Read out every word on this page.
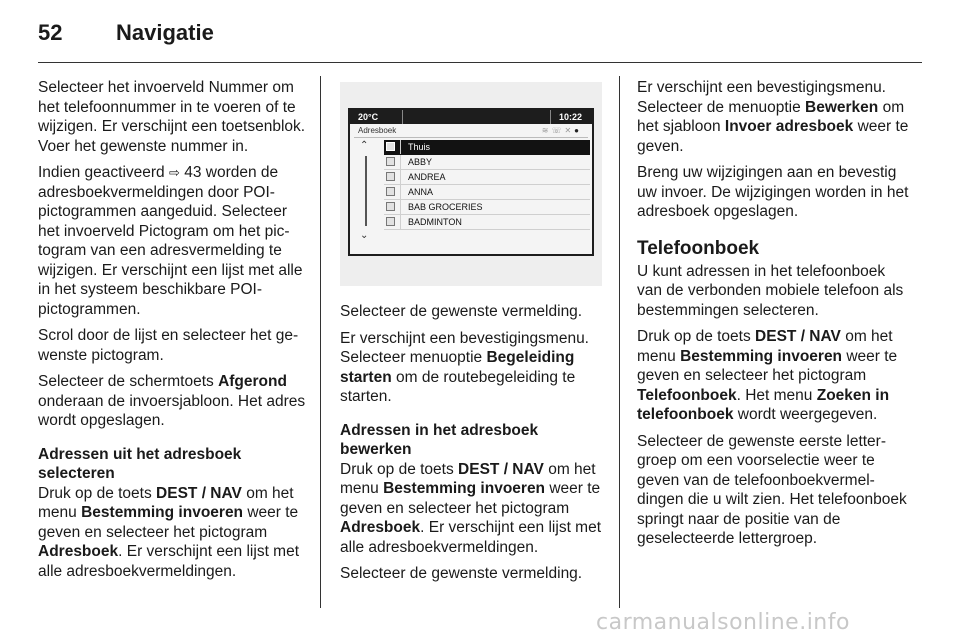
52 Navigatie

Selecteer het invoerveld Nummer om het telefoonnummer in te voeren of te wijzigen. Er verschijnt een toetsenblok. Voer het gewenste nummer in.

Indien geactiveerd ⇨ 43 worden de adresboekvermeldingen door POI-pictogrammen aangeduid. Selecteer het invoerveld Pictogram om het pictogram van een adresvermelding te wijzigen. Er verschijnt een lijst met alle in het systeem beschikbare POI-pictogrammen.

Scrol door de lijst en selecteer het gewenste pictogram.

Selecteer de schermtoets Afgerond onderaan de invoersjabloon. Het adres wordt opgeslagen.

Adressen uit het adresboek selecteren

Druk op de toets DEST / NAV om het menu Bestemming invoeren weer te geven en selecteer het pictogram Adresboek. Er verschijnt een lijst met alle adresboekvermeldingen.

20°C	10:22
Adresboek	≋☏✕●
⌃
⌄
Thuis
ABBY
ANDREA
ANNA
BAB GROCERIES
BADMINTON

Selecteer de gewenste vermelding.

Er verschijnt een bevestigingsmenu. Selecteer menuoptie Begeleiding starten om de routebegeleiding te starten.

Adressen in het adresboek bewerken

Druk op de toets DEST / NAV om het menu Bestemming invoeren weer te geven en selecteer het pictogram Adresboek. Er verschijnt een lijst met alle adresboekvermeldingen.

Selecteer de gewenste vermelding.

Er verschijnt een bevestigingsmenu. Selecteer de menuoptie Bewerken om het sjabloon Invoer adresboek weer te geven.

Breng uw wijzigingen aan en bevestig uw invoer. De wijzigingen worden in het adresboek opgeslagen.

Telefoonboek

U kunt adressen in het telefoonboek van de verbonden mobiele telefoon als bestemmingen selecteren.

Druk op de toets DEST / NAV om het menu Bestemming invoeren weer te geven en selecteer het pictogram Telefoonboek. Het menu Zoeken in telefoonboek wordt weergegeven.

Selecteer de gewenste eerste lettergroep om een voorselectie weer te geven van de telefoonboekvermeldingen die u wilt zien. Het telefoonboek springt naar de positie van de geselecteerde lettergroep.

carmanualsonline.info
